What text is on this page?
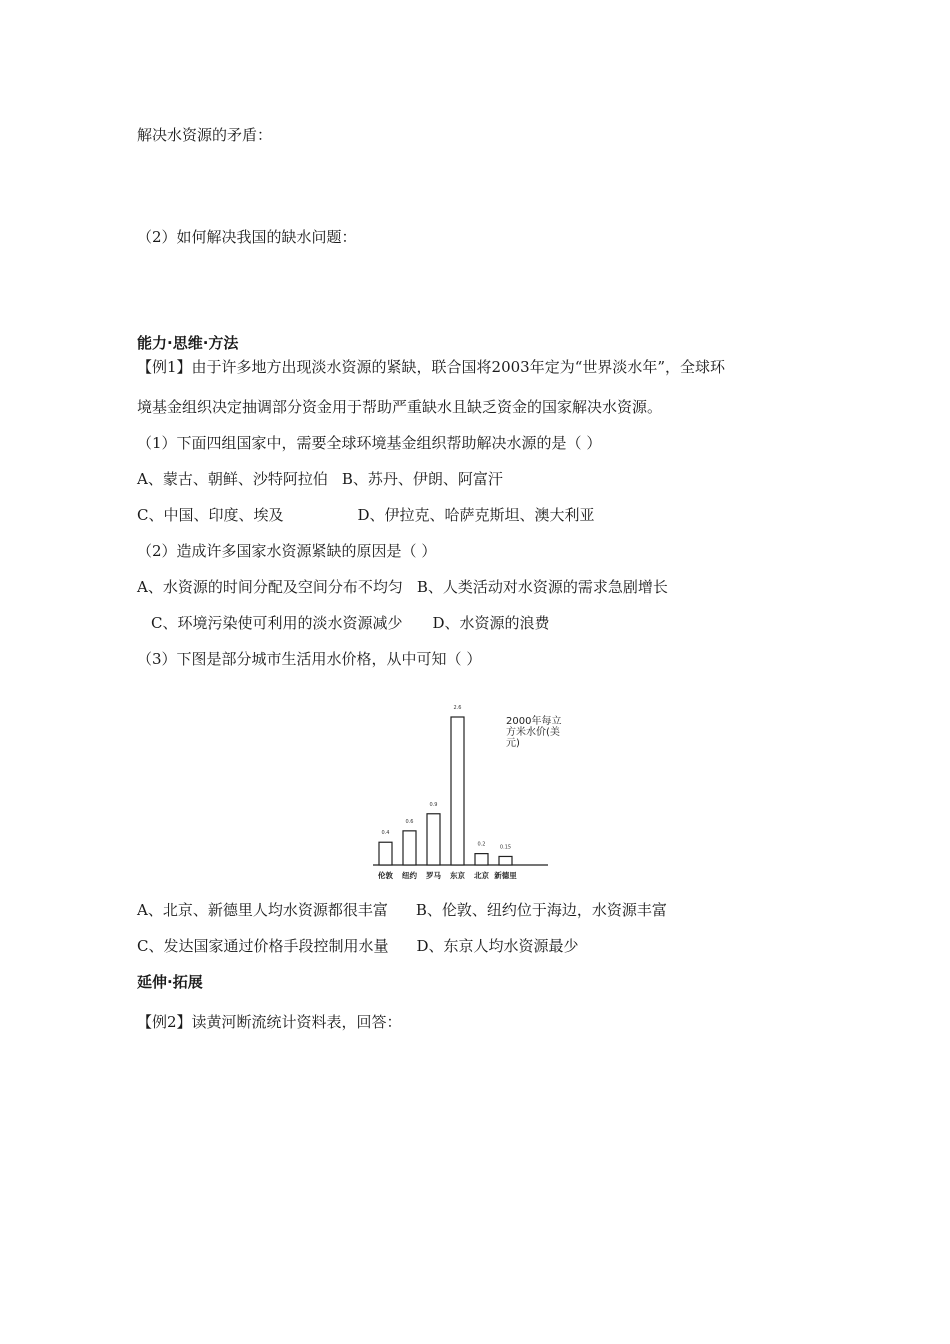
解决水资源的矛盾：
（2）如何解决我国的缺水问题：
能力·思维·方法
【例1】由于许多地方出现淡水资源的紧缺，联合国将2003年定为“世界淡水年”，全球环
境基金组织决定抽调部分资金用于帮助严重缺水且缺乏资金的国家解决水资源。
（1）下面四组国家中，需要全球环境基金组织帮助解决水源的是（ ）
A、蒙古、朝鲜、沙特阿拉伯 B、苏丹、伊朗、阿富汗
C、中国、印度、埃及	D、伊拉克、哈萨克斯坦、澳大利亚
（2）造成许多国家水资源紧缺的原因是（ ）
A、水资源的时间分配及空间分布不均匀 B、人类活动对水资源的需求急剧增长
C、环境污染使可利用的淡水资源减少 D、水资源的浪费
（3）下图是部分城市生活用水价格，从中可知（ ）
0.4
伦敦
0.6
纽约
0.9
罗马
2.6
东京
0.2
北京
0.15
新德里
2000年每立
方米水价(美
元)
A、北京、新德里人均水资源都很丰富 B、伦敦、纽约位于海边，水资源丰富
C、发达国家通过价格手段控制用水量 D、东京人均水资源最少
延伸·拓展
【例2】读黄河断流统计资料表，回答：
